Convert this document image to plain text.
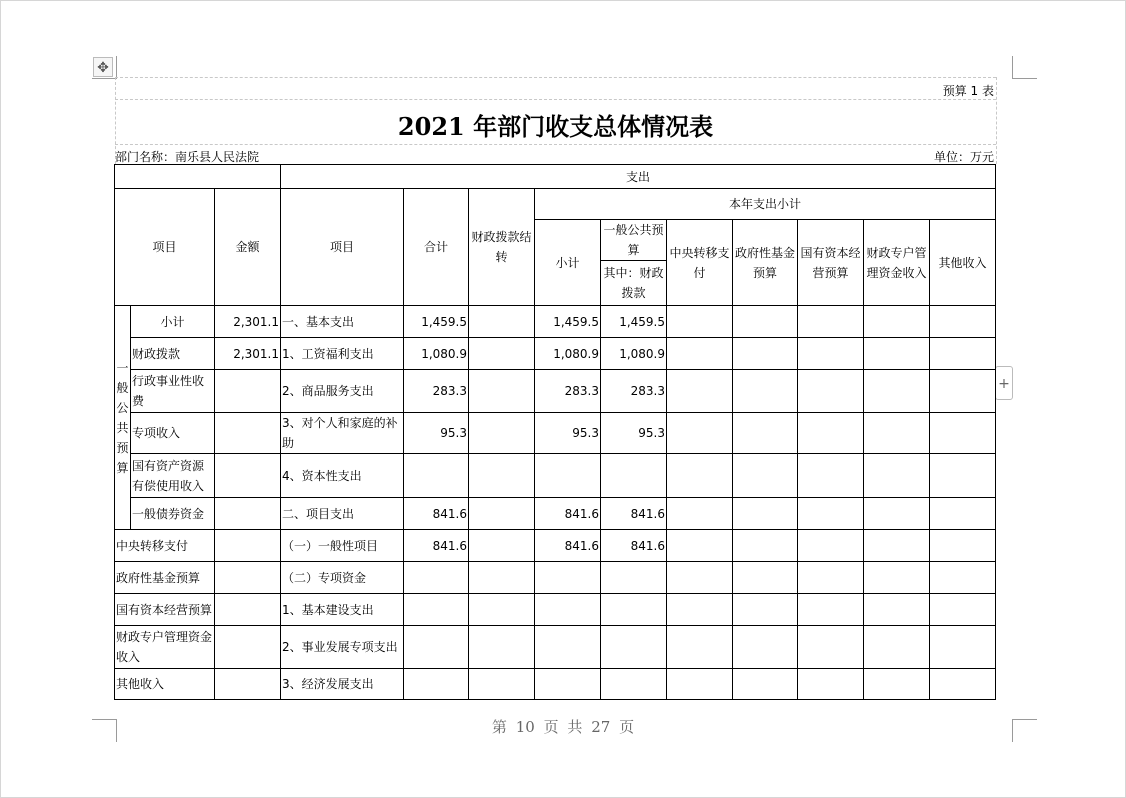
✥
+
预算 1 表
2021 年部门收支总体情况表
部门名称：南乐县人民法院	单位：万元
			支出									
项目		金额	项目	合计	财政拨款结转	本年支出小计						
						小计	一般公共预算	中央转移支付	政府性基金预算	国有资本经营预算	财政专户管理资金收入	其他收入
							其中：财政拨款					
一般公共预算	小计	2,301.1	一、基本支出	1,459.5		1,459.5	1,459.5					
	财政拨款	2,301.1	1、工资福利支出	1,080.9		1,080.9	1,080.9					
	行政事业性收费		2、商品服务支出	283.3		283.3	283.3					
	专项收入		3、对个人和家庭的补助	95.3		95.3	95.3					
	国有资产资源有偿使用收入		4、资本性支出									
	一般债券资金		二、项目支出	841.6		841.6	841.6					
中央转移支付			（一）一般性项目	841.6		841.6	841.6					
政府性基金预算			（二）专项资金									
国有资本经营预算			1、基本建设支出									
财政专户管理资金收入			2、事业发展专项支出									
其他收入			3、经济发展支出									
第 10 页 共 27 页
